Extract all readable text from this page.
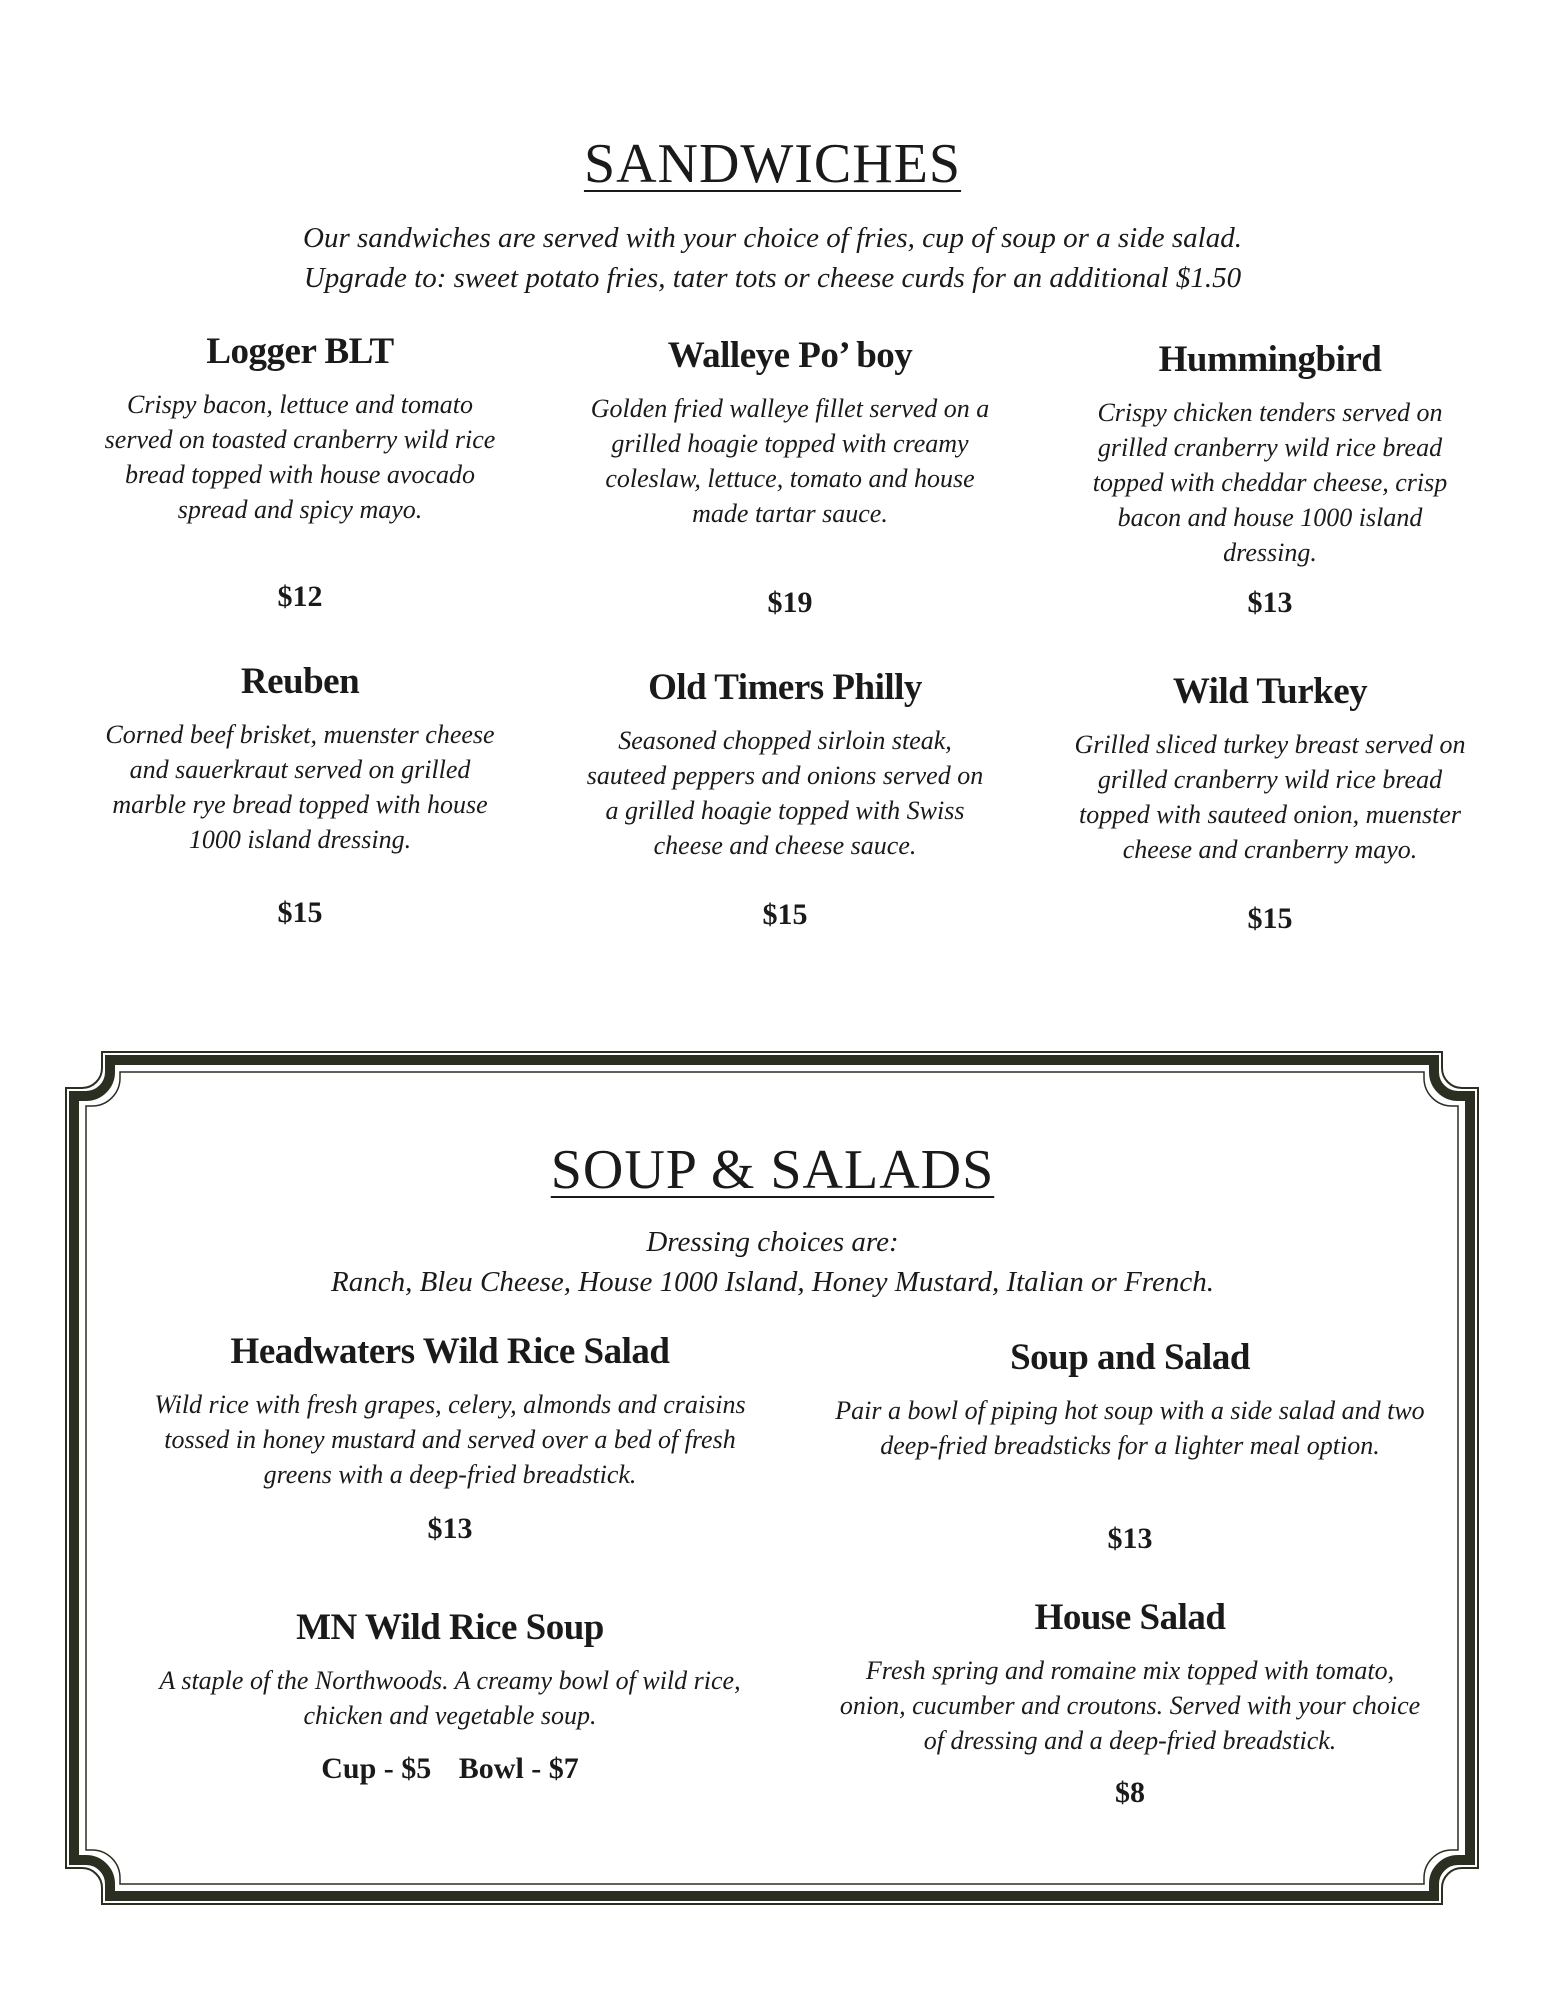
SANDWICHES
Our sandwiches are served with your choice of fries, cup of soup or a side salad.
Upgrade to: sweet potato fries, tater tots or cheese curds for an additional $1.50
Logger BLT
Crispy bacon, lettuce and tomato served on toasted cranberry wild rice bread topped with house avocado spread and spicy mayo.
$12
Walleye Po’ boy
Golden fried walleye fillet served on a grilled hoagie topped with creamy coleslaw, lettuce, tomato and house made tartar sauce.
$19
Hummingbird
Crispy chicken tenders served on grilled cranberry wild rice bread topped with cheddar cheese, crisp bacon and house 1000 island dressing.
$13
Reuben
Corned beef brisket, muenster cheese and sauerkraut served on grilled marble rye bread topped with house 1000 island dressing.
$15
Old Timers Philly
Seasoned chopped sirloin steak, sauteed peppers and onions served on a grilled hoagie topped with Swiss cheese and cheese sauce.
$15
Wild Turkey
Grilled sliced turkey breast served on grilled cranberry wild rice bread topped with sauteed onion, muenster cheese and cranberry mayo.
$15
SOUP & SALADS
Dressing choices are:
Ranch, Bleu Cheese, House 1000 Island, Honey Mustard, Italian or French.
Headwaters Wild Rice Salad
Wild rice with fresh grapes, celery, almonds and craisins tossed in honey mustard and served over a bed of fresh greens with a deep-fried breadstick.
$13
Soup and Salad
Pair a bowl of piping hot soup with a side salad and two deep-fried breadsticks for a lighter meal option.
$13
MN Wild Rice Soup
A staple of the Northwoods. A creamy bowl of wild rice, chicken and vegetable soup.
Cup - $5 Bowl - $7
House Salad
Fresh spring and romaine mix topped with tomato, onion, cucumber and croutons. Served with your choice of dressing and a deep-fried breadstick.
$8
